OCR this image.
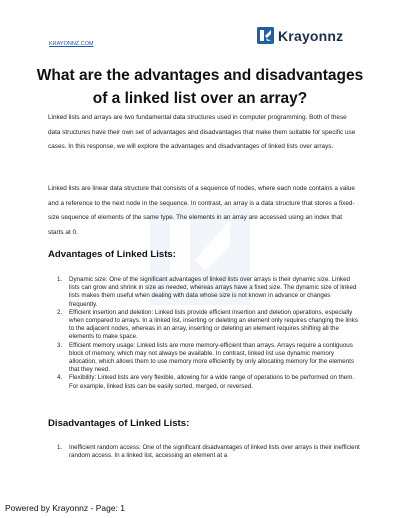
KRAYONNZ.COM
Krayonnz
What are the advantages and disadvantages of a linked list over an array?

Linked lists and arrays are two fundamental data structures used in computer programming. Both of these data structures have their own set of advantages and disadvantages that make them suitable for specific use cases. In this response, we will explore the advantages and disadvantages of linked lists over arrays.

Linked lists are linear data structure that consists of a sequence of nodes, where each node contains a value and a reference to the next node in the sequence. In contrast, an array is a data structure that stores a fixed-size sequence of elements of the same type. The elements in an array are accessed using an index that starts at 0.

Advantages of Linked Lists:
1.	Dynamic size: One of the significant advantages of linked lists over arrays is their dynamic size. Linked lists can grow and shrink in size as needed, whereas arrays have a fixed size. The dynamic size of linked lists makes them useful when dealing with data whose size is not known in advance or changes frequently.
2.	Efficient insertion and deletion: Linked lists provide efficient insertion and deletion operations, especially when compared to arrays. In a linked list, inserting or deleting an element only requires changing the links to the adjacent nodes, whereas in an array, inserting or deleting an element requires shifting all the elements to make space.
3.	Efficient memory usage: Linked lists are more memory-efficient than arrays. Arrays require a contiguous block of memory, which may not always be available. In contrast, linked list use dynamic memory allocation, which allows them to use memory more efficiently by only allocating memory for the elements that they need.
4.	Flexibility: Linked lists are very flexible, allowing for a wide range of operations to be performed on them. For example, linked lists can be easily sorted, merged, or reversed.
Disadvantages of Linked Lists:
1.	Inefficient random access: One of the significant disadvantages of linked lists over arrays is their inefficient random access. In a linked list, accessing an element at a
Powered by Krayonnz - Page: 1
